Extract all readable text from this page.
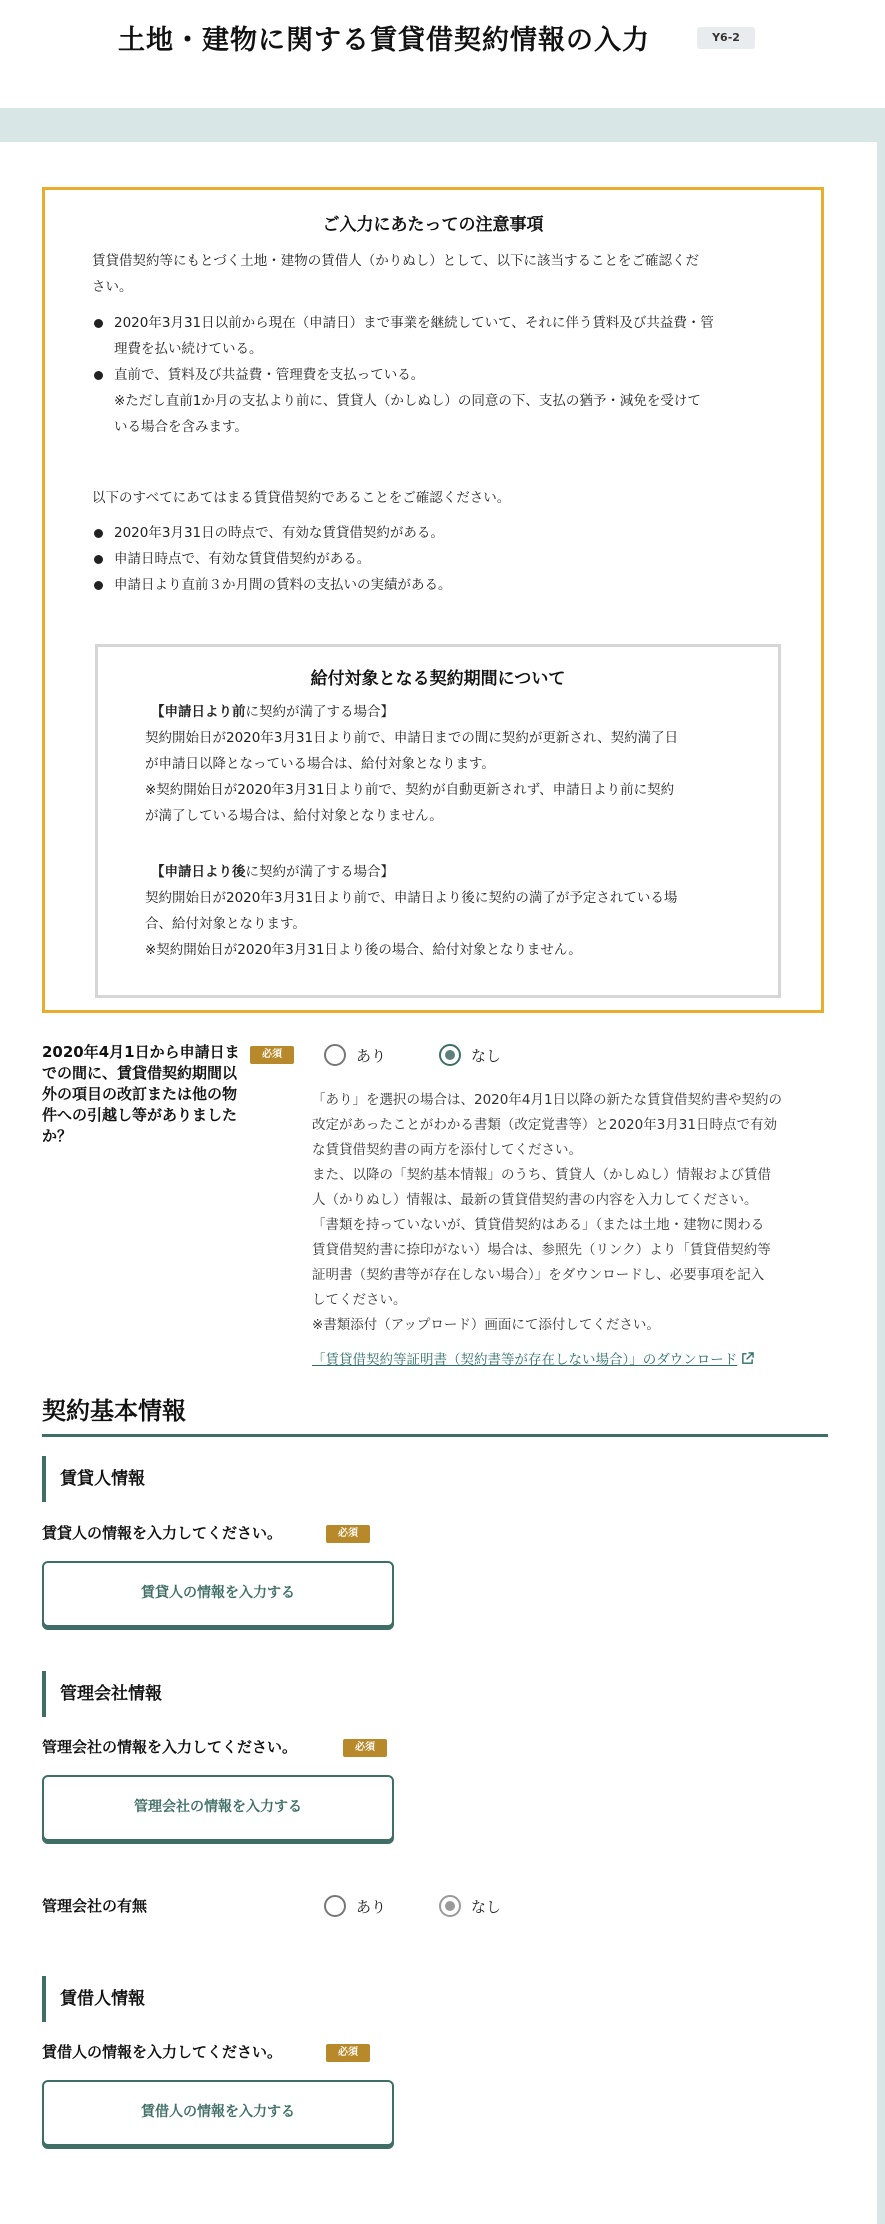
土地・建物に関する賃貸借契約情報の入力	Y6-2
ご入力にあたっての注意事項
賃貸借契約等にもとづく土地・建物の賃借人（かりぬし）として、以下に該当することをご確認くだ
さい。
2020年3月31日以前から現在（申請日）まで事業を継続していて、それに伴う賃料及び共益費・管
理費を払い続けている。
直前で、賃料及び共益費・管理費を支払っている。
※ただし直前1か月の支払より前に、賃貸人（かしぬし）の同意の下、支払の猶予・減免を受けて
いる場合を含みます。
以下のすべてにあてはまる賃貸借契約であることをご確認ください。
2020年3月31日の時点で、有効な賃貸借契約がある。
申請日時点で、有効な賃貸借契約がある。
申請日より直前３か月間の賃料の支払いの実績がある。
給付対象となる契約期間について
【申請日より前に契約が満了する場合】
契約開始日が2020年3月31日より前で、申請日までの間に契約が更新され、契約満了日
が申請日以降となっている場合は、給付対象となります。
※契約開始日が2020年3月31日より前で、契約が自動更新されず、申請日より前に契約
が満了している場合は、給付対象となりません。
【申請日より後に契約が満了する場合】
契約開始日が2020年3月31日より前で、申請日より後に契約の満了が予定されている場
合、給付対象となります。
※契約開始日が2020年3月31日より後の場合、給付対象となりません。
2020年4月1日から申請日までの間に、賃貸借契約期間以外の項目の改訂または他の物件への引越し等がありましたか？
必須	あり	なし
「あり」を選択の場合は、2020年4月1日以降の新たな賃貸借契約書や契約の
改定があったことがわかる書類（改定覚書等）と2020年3月31日時点で有効
な賃貸借契約書の両方を添付してください。
また、以降の「契約基本情報」のうち、賃貸人（かしぬし）情報および賃借
人（かりぬし）情報は、最新の賃貸借契約書の内容を入力してください。
「書類を持っていないが、賃貸借契約はある」（または土地・建物に関わる
賃貸借契約書に捺印がない）場合は、参照先（リンク）より「賃貸借契約等
証明書（契約書等が存在しない場合）」をダウンロードし、必要事項を記入
してください。
※書類添付（アップロード）画面にて添付してください。
「賃貸借契約等証明書（契約書等が存在しない場合）」のダウンロード
契約基本情報
賃貸人情報
賃貸人の情報を入力してください。	必須
賃貸人の情報を入力する
管理会社情報
管理会社の情報を入力してください。	必須
管理会社の情報を入力する
管理会社の有無	あり	なし
賃借人情報
賃借人の情報を入力してください。	必須
賃借人の情報を入力する
